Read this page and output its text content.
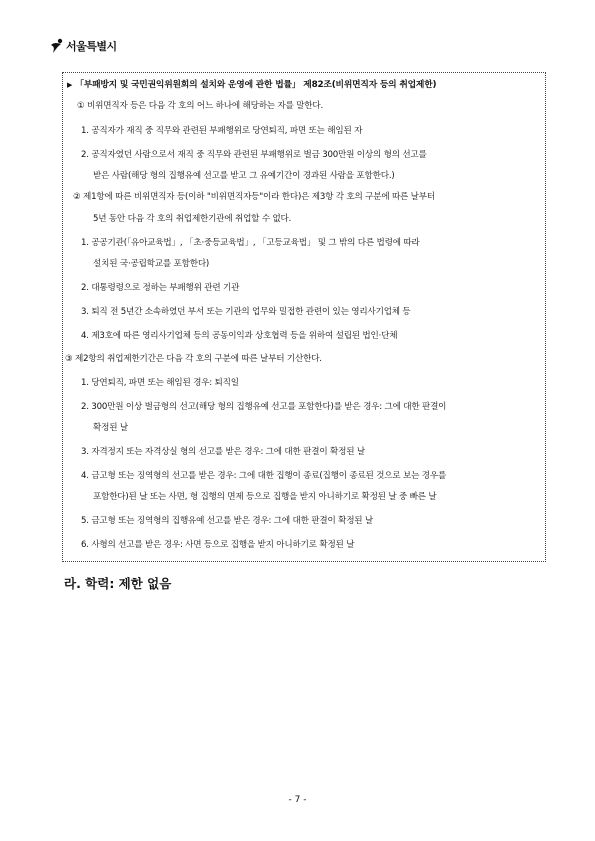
서울특별시
▶ 「부패방지 및 국민권익위원회의 설치와 운영에 관한 법률」 제82조(비위면직자 등의 취업제한)
① 비위면직자 등은 다음 각 호의 어느 하나에 해당하는 자를 말한다.
1. 공직자가 재직 중 직무와 관련된 부패행위로 당연퇴직, 파면 또는 해임된 자
2. 공직자였던 사람으로서 재직 중 직무와 관련된 부패행위로 벌금 300만원 이상의 형의 선고를
받은 사람(해당 형의 집행유예 선고를 받고 그 유예기간이 경과된 사람을 포함한다.)
② 제1항에 따른 비위면직자 등(이하 "비위면직자등"이라 한다)은 제3항 각 호의 구분에 따른 날부터
5년 동안 다음 각 호의 취업제한기관에 취업할 수 없다.
1. 공공기관(「유아교육법」, 「초·중등교육법」, 「고등교육법」 및 그 밖의 다른 법령에 따라
설치된 국·공립학교를 포함한다)
2. 대통령령으로 정하는 부패행위 관련 기관
3. 퇴직 전 5년간 소속하였던 부서 또는 기관의 업무와 밀접한 관련이 있는 영리사기업체 등
4. 제3호에 따른 영리사기업체 등의 공동이익과 상호협력 등을 위하여 설립된 법인·단체
③ 제2항의 취업제한기간은 다음 각 호의 구분에 따른 날부터 기산한다.
1. 당연퇴직, 파면 또는 해임된 경우: 퇴직일
2. 300만원 이상 벌금형의 선고(해당 형의 집행유예 선고를 포함한다)를 받은 경우: 그에 대한 판결이
확정된 날
3. 자격정지 또는 자격상실 형의 선고를 받은 경우: 그에 대한 판결이 확정된 날
4. 금고형 또는 징역형의 선고를 받은 경우: 그에 대한 집행이 종료(집행이 종료된 것으로 보는 경우를
포함한다)된 날 또는 사면, 형 집행의 면제 등으로 집행을 받지 아니하기로 확정된 날 중 빠른 날
5. 금고형 또는 징역형의 집행유예 선고를 받은 경우: 그에 대한 판결이 확정된 날
6. 사형의 선고를 받은 경우: 사면 등으로 집행을 받지 아니하기로 확정된 날
라. 학력: 제한 없음
- 7 -
